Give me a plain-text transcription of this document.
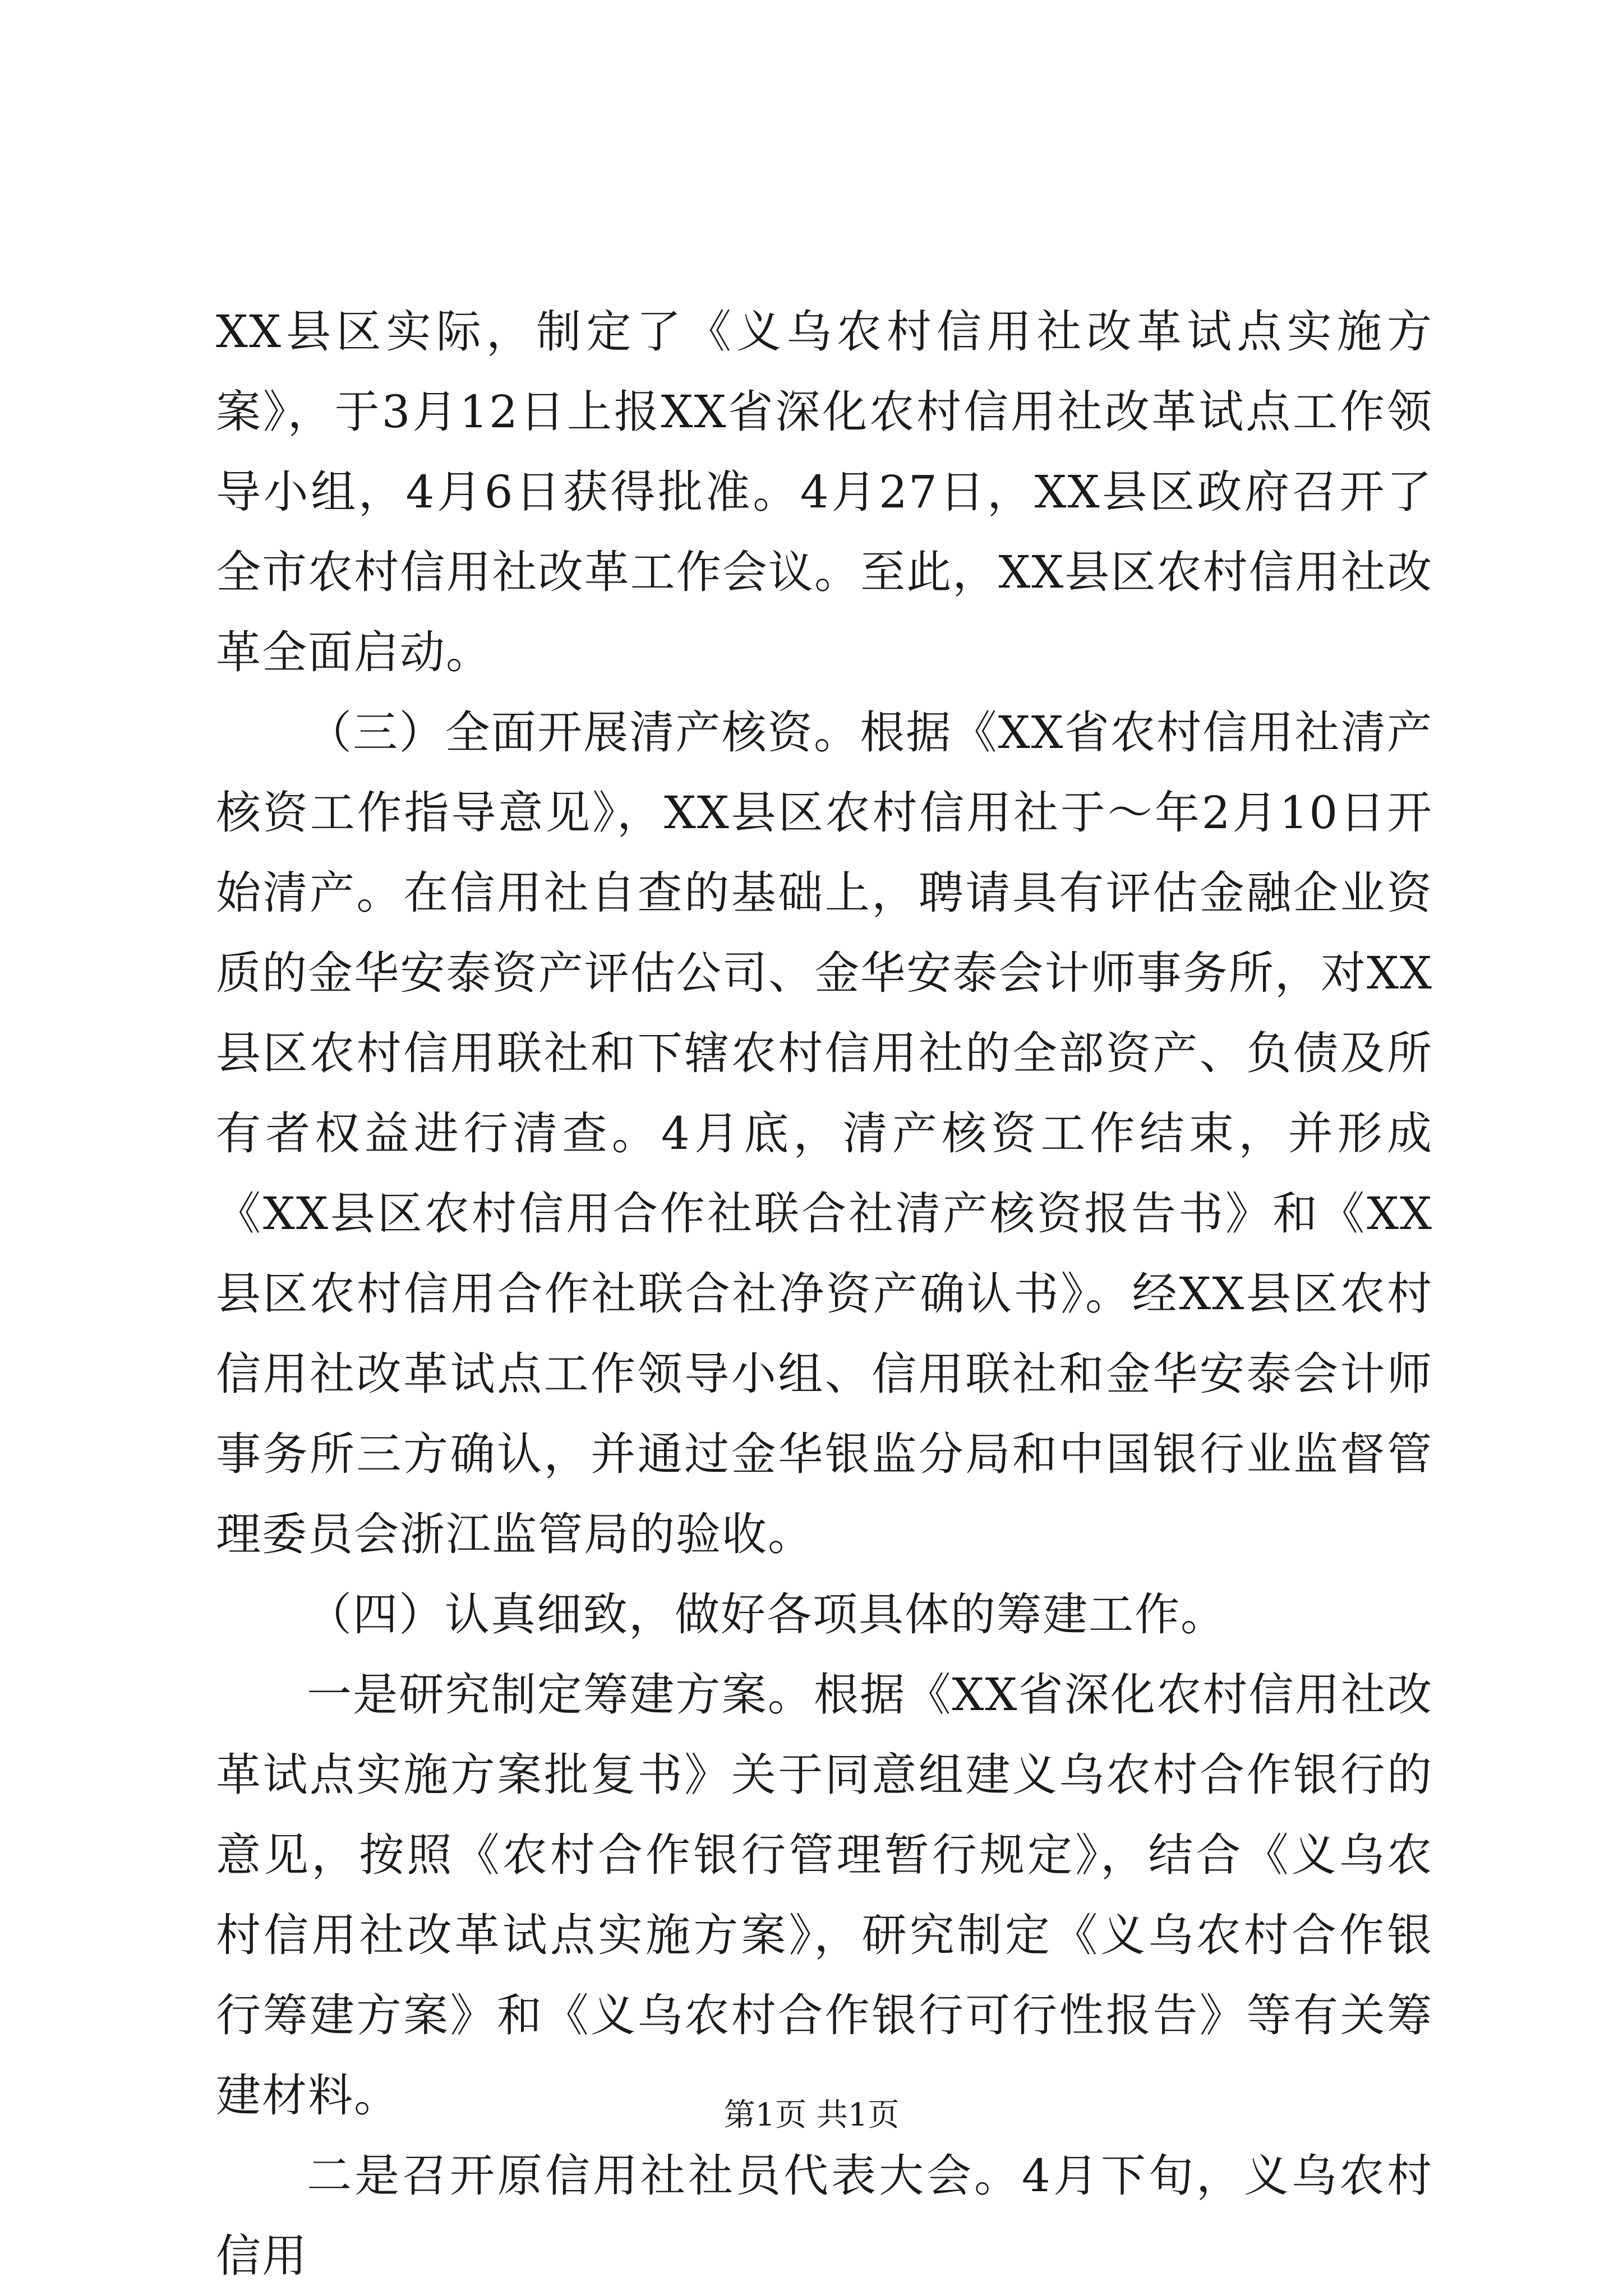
XX县区实际，制定了《义乌农村信用社改革试点实施方案》，于3月12日上报XX省深化农村信用社改革试点工作领导小组，4月6日获得批准。4月27日，XX县区政府召开了全市农村信用社改革工作会议。至此，XX县区农村信用社改革全面启动。

（三）全面开展清产核资。根据《XX省农村信用社清产核资工作指导意见》，XX县区农村信用社于～年2月10日开始清产。在信用社自查的基础上，聘请具有评估金融企业资质的金华安泰资产评估公司、金华安泰会计师事务所，对XX县区农村信用联社和下辖农村信用社的全部资产、负债及所有者权益进行清查。4月底，清产核资工作结束，并形成《XX县区农村信用合作社联合社清产核资报告书》和《XX县区农村信用合作社联合社净资产确认书》。经XX县区农村信用社改革试点工作领导小组、信用联社和金华安泰会计师事务所三方确认，并通过金华银监分局和中国银行业监督管理委员会浙江监管局的验收。

（四）认真细致，做好各项具体的筹建工作。

一是研究制定筹建方案。根据《XX省深化农村信用社改革试点实施方案批复书》关于同意组建义乌农村合作银行的意见，按照《农村合作银行管理暂行规定》，结合《义乌农村信用社改革试点实施方案》，研究制定《义乌农村合作银行筹建方案》和《义乌农村合作银行可行性报告》等有关筹建材料。

二是召开原信用社社员代表大会。4月下旬，义乌农村信用

第1页 共1页
